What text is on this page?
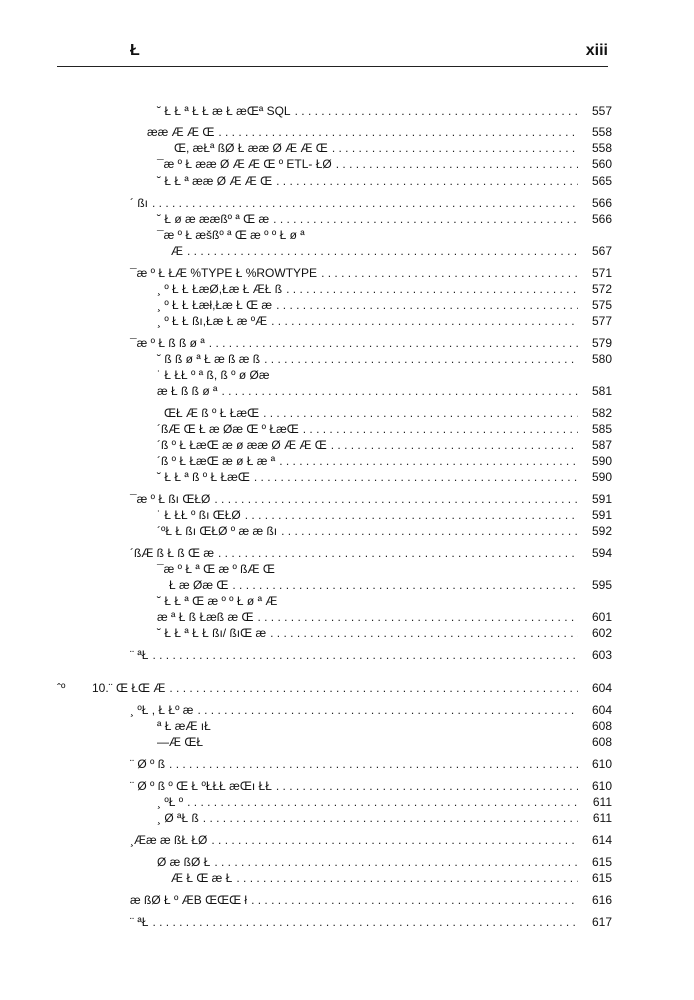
Ł	xiii
˘ Ł Ł ª Ł Ł æ Ł æŒª SQL . . .	557
ææ Æ Æ Œ . . .	558
Œ, æŁª ßØ Ł ææ Ø Æ Æ Œ . . .	558
¯æ º Ł ææ Ø Æ Æ Œ º ETL- ŁØ . . .	560
˘ Ł Ł ª ææ Ø Æ Æ Œ . . .	565
´ ßı . . .	566
˘ Ł ø æ ææßº ª Œ æ . . .	566
¯æ º Ł æšßº ª Œ æ º º Ł ø ª
Æ . . .	567
¯æ º Ł ŁÆ %TYPE Ł %ROWTYPE . . .	571
¸ º Ł Ł ŁæØ,Łæ Ł ÆŁ ß . . .	572
¸ º Ł Ł Łæł,Łæ Ł Œ æ . . .	575
¸ º Ł Ł ßı,Łæ Ł æ ºÆ . . .	577
¯æ º Ł ß ß ø ª . . .	579
˘ ß ß ø ª Ł æ ß æ ß . . .	580
˙ Ł ŁŁ º ª ß, ß º ø Øæ
æ Ł ß ß ø ª . . .	581
ŒŁ Æ ß º Ł ŁæŒ . . .	582
´ßÆ Œ Ł æ Øæ Œ º ŁæŒ . . .	585
´ß º Ł ŁæŒ æ ø ææ Ø Æ Æ Œ . . .	587
´ß º Ł ŁæŒ æ ø Ł æ ª . . .	590
˘ Ł Ł ª ß º Ł ŁæŒ . . .	590
¯æ º Ł ßı ŒŁØ . . .	591
˙ Ł ŁŁ º ßı ŒŁØ . . .	591
´ºŁ Ł ßı ŒŁØ º æ æ ßı . . .	592
´ßÆ ß Ł ß Œ æ . . .	594
¯æ º Ł ª Œ æ º ßÆ Œ
Ł æ Øæ Œ . . .	595
˘ Ł Ł ª Œ æ º º Ł ø ª Æ
æ ª Ł ß Łæß æ Œ . . .	601
˘ Ł Ł ª Ł Ł ßı/ ßıŒ æ . . .	602
¨ ªŁ . . .	603
10.¨ Œ ŁŒ Æ . . .	604
¸ ºŁ , Ł Łº æ . . .	604
ª Ł æÆ ıŁ	608
—Æ ŒŁ	608
¨ Ø º ß . . .	610
¨ Ø º ß º Œ Ł ºŁŁŁ æŒı ŁŁ . . .	610
¸ ºŁ º . . .	611
¸ Ø ªŁ ß . . .	611
¸Ææ æ ßŁ ŁØ . . .	614
Ø æ ßØ Ł . . .	615
Æ Ł Œ æ Ł . . .	615
æ ßØ Ł º ÆB ŒŒŒ ł . . .	616
¨ ªŁ . . .	617
ˆº
